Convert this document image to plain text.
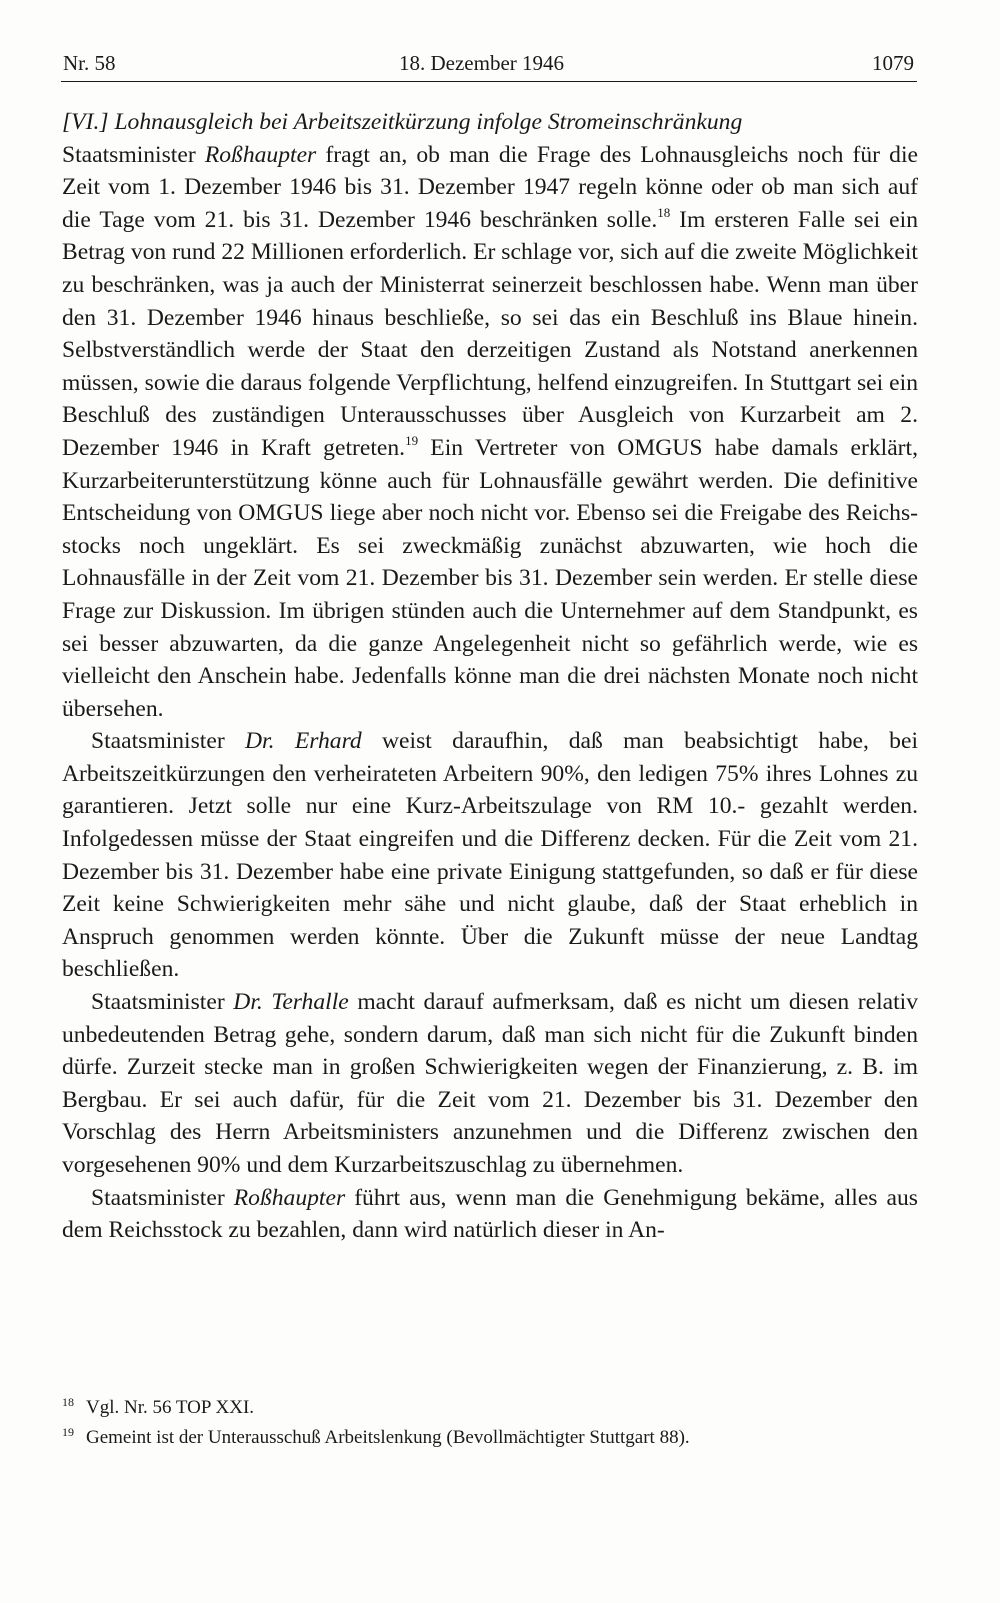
Nr. 58	18. Dezember 1946	1079

[VI.] Lohnausgleich bei Arbeitszeitkürzung infolge Stromeinschränkung

Staatsminister Roßhaupter fragt an, ob man die Frage des Lohnausgleichs noch für die Zeit vom 1. Dezember 1946 bis 31. Dezember 1947 regeln könne oder ob man sich auf die Tage vom 21. bis 31. Dezember 1946 beschränken solle.$^{18}$ Im ersteren Falle sei ein Betrag von rund 22 Millionen erforderlich. Er schlage vor, sich auf die zweite Möglichkeit zu beschränken, was ja auch der Ministerrat seinerzeit beschlossen habe. Wenn man über den 31. Dezember 1946 hinaus beschließe, so sei das ein Beschluß ins Blaue hinein. Selbstverständlich werde der Staat den derzeitigen Zustand als Notstand anerkennen müssen, sowie die daraus folgende Verpflichtung, helfend einzugreifen. In Stuttgart sei ein Beschluß des zuständigen Unterausschusses über Ausgleich von Kurzarbeit am 2. Dezember 1946 in Kraft getreten.$^{19}$ Ein Vertreter von OMGUS habe damals erklärt, Kurzarbeiterunterstützung könne auch für Lohnausfälle gewährt werden. Die definitive Entscheidung von OMGUS liege aber noch nicht vor. Ebenso sei die Freigabe des Reichsstocks noch ungeklärt. Es sei zweckmäßig zunächst abzuwarten, wie hoch die Lohnausfälle in der Zeit vom 21. Dezember bis 31. Dezember sein werden. Er stelle diese Frage zur Diskussion. Im übrigen stünden auch die Unternehmer auf dem Standpunkt, es sei besser abzuwarten, da die ganze Angelegenheit nicht so gefährlich werde, wie es vielleicht den Anschein habe. Jedenfalls könne man die drei nächsten Monate noch nicht übersehen.

Staatsminister Dr. Erhard weist daraufhin, daß man beabsichtigt habe, bei Arbeitszeitkürzungen den verheirateten Arbeitern 90%, den ledigen 75% ihres Lohnes zu garantieren. Jetzt solle nur eine Kurz-Arbeitszulage von RM 10.- gezahlt werden. Infolgedessen müsse der Staat eingreifen und die Differenz decken. Für die Zeit vom 21. Dezember bis 31. Dezember habe eine private Einigung stattgefunden, so daß er für diese Zeit keine Schwierigkeiten mehr sähe und nicht glaube, daß der Staat erheblich in Anspruch genommen werden könnte. Über die Zukunft müsse der neue Landtag beschließen.

Staatsminister Dr. Terhalle macht darauf aufmerksam, daß es nicht um diesen relativ unbedeutenden Betrag gehe, sondern darum, daß man sich nicht für die Zukunft binden dürfe. Zurzeit stecke man in großen Schwierigkeiten wegen der Finanzierung, z. B. im Bergbau. Er sei auch dafür, für die Zeit vom 21. Dezember bis 31. Dezember den Vorschlag des Herrn Arbeitsministers anzunehmen und die Differenz zwischen den vorgesehenen 90% und dem Kurzarbeitszuschlag zu übernehmen.

Staatsminister Roßhaupter führt aus, wenn man die Genehmigung bekäme, alles aus dem Reichsstock zu bezahlen, dann wird natürlich dieser in An-

$^{18}$ Vgl. Nr. 56 TOP XXI.

$^{19}$ Gemeint ist der Unterausschuß Arbeitslenkung (Bevollmächtigter Stuttgart 88).
